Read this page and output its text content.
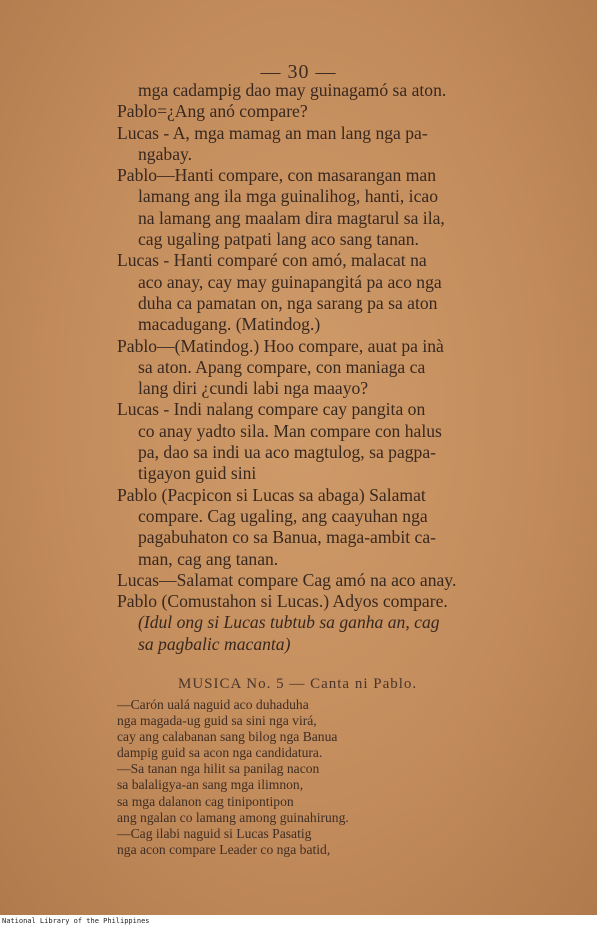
— 30 —
mga cadampig dao may guinagamó sa aton.
Pablo=¿Ang anó compare?
Lucas - A, mga mamag an man lang nga pa-
ngabay.
Pablo—Hanti compare, con masarangan man
lamang ang ila mga guinalihog, hanti, icao
na lamang ang maalam dira magtarul sa ila,
cag ugaling patpati lang aco sang tanan.
Lucas - Hanti comparé con amó, malacat na
aco anay, cay may guinapangitá pa aco nga
duha ca pamatan on, nga sarang pa sa aton
macadugang. (Matindog.)
Pablo—(Matindog.) Hoo compare, auat pa inà
sa aton. Apang compare, con maniaga ca
lang diri ¿cundi labi nga maayo?
Lucas - Indi nalang compare cay pangita on
co anay yadto sila. Man compare con halus
pa, dao sa indi ua aco magtulog, sa pagpa-
tigayon guid sini
Pablo (Pacpicon si Lucas sa abaga) Salamat
compare. Cag ugaling, ang caayuhan nga
pagabuhaton co sa Banua, maga-ambit ca-
man, cag ang tanan.
Lucas—Salamat compare Cag amó na aco anay.
Pablo (Comustahon si Lucas.) Adyos compare.
(Idul ong si Lucas tubtub sa ganha an, cag
sa pagbalic macanta)
MUSICA No. 5 — Canta ni Pablo.
—Carón ualá naguid aco duhaduha
nga magada-ug guid sa sini nga virá,
cay ang calabanan sang bilog nga Banua
dampig guid sa acon nga candidatura.
—Sa tanan nga hilit sa panilag nacon
sa balaligya-an sang mga ilimnon,
sa mga dalanon cag tinipontipon
ang ngalan co lamang among guinahirung.
—Cag ilabi naguid si Lucas Pasatig
nga acon compare Leader co nga batid,
National Library of the Philippines
